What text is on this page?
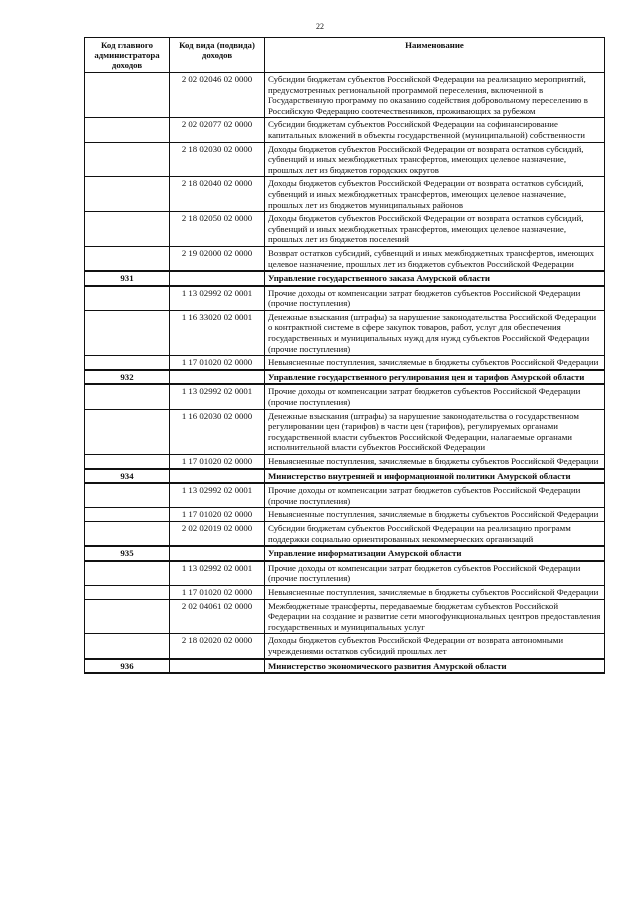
22
Код главного администратора доходов	Код вида (подвида) доходов	Наименование
	2 02 02046 02 0000	Субсидии бюджетам субъектов Российской Федерации на реализацию мероприятий, предусмотренных региональной программой переселения, включенной в Государственную программу по оказанию содействия добровольному переселению в Российскую Федерацию соотечественников, проживающих за рубежом
	2 02 02077 02 0000	Субсидии бюджетам субъектов Российской Федерации на софинансирование капитальных вложений в объекты государственной (муниципальной) собственности
	2 18 02030 02 0000	Доходы бюджетов субъектов Российской Федерации от возврата остатков субсидий, субвенций и иных межбюджетных трансфертов, имеющих целевое назначение, прошлых лет из бюджетов городских округов
	2 18 02040 02 0000	Доходы бюджетов субъектов Российской Федерации от возврата остатков субсидий, субвенций и иных межбюджетных трансфертов, имеющих целевое назначение, прошлых лет из бюджетов муниципальных районов
	2 18 02050 02 0000	Доходы бюджетов субъектов Российской Федерации от возврата остатков субсидий, субвенций и иных межбюджетных трансфертов, имеющих целевое назначение, прошлых лет из бюджетов поселений
	2 19 02000 02 0000	Возврат остатков субсидий, субвенций и иных межбюджетных трансфертов, имеющих целевое назначение, прошлых лет из бюджетов субъектов Российской Федерации
931		Управление государственного заказа Амурской области
	1 13 02992 02 0001	Прочие доходы от компенсации затрат бюджетов субъектов Российской Федерации (прочие поступления)
	1 16 33020 02 0001	Денежные взыскания (штрафы) за нарушение законодательства Российской Федерации о контрактной системе в сфере закупок товаров, работ, услуг для обеспечения государственных и муниципальных нужд для нужд субъектов Российской Федерации (прочие поступления)
	1 17 01020 02 0000	Невыясненные поступления, зачисляемые в бюджеты субъектов Российской Федерации
932		Управление государственного регулирования цен и тарифов Амурской области
	1 13 02992 02 0001	Прочие доходы от компенсации затрат бюджетов субъектов Российской Федерации (прочие поступления)
	1 16 02030 02 0000	Денежные взыскания (штрафы) за нарушение законодательства о государственном регулировании цен (тарифов) в части цен (тарифов), регулируемых органами государственной власти субъектов Российской Федерации, налагаемые органами исполнительной власти субъектов Российской Федерации
	1 17 01020 02 0000	Невыясненные поступления, зачисляемые в бюджеты субъектов Российской Федерации
934		Министерство внутренней и информационной политики Амурской области
	1 13 02992 02 0001	Прочие доходы от компенсации затрат бюджетов субъектов Российской Федерации (прочие поступления)
	1 17 01020 02 0000	Невыясненные поступления, зачисляемые в бюджеты субъектов Российской Федерации
	2 02 02019 02 0000	Субсидии бюджетам субъектов Российской Федерации на реализацию программ поддержки социально ориентированных некоммерческих организаций
935		Управление информатизации Амурской области
	1 13 02992 02 0001	Прочие доходы от компенсации затрат бюджетов субъектов Российской Федерации (прочие поступления)
	1 17 01020 02 0000	Невыясненные поступления, зачисляемые в бюджеты субъектов Российской Федерации
	2 02 04061 02 0000	Межбюджетные трансферты, передаваемые бюджетам субъектов Российской Федерации на создание и развитие сети многофункциональных центров предоставления государственных и муниципальных услуг
	2 18 02020 02 0000	Доходы бюджетов субъектов Российской Федерации от возврата автономными учреждениями остатков субсидий прошлых лет
936		Министерство экономического развития Амурской области
